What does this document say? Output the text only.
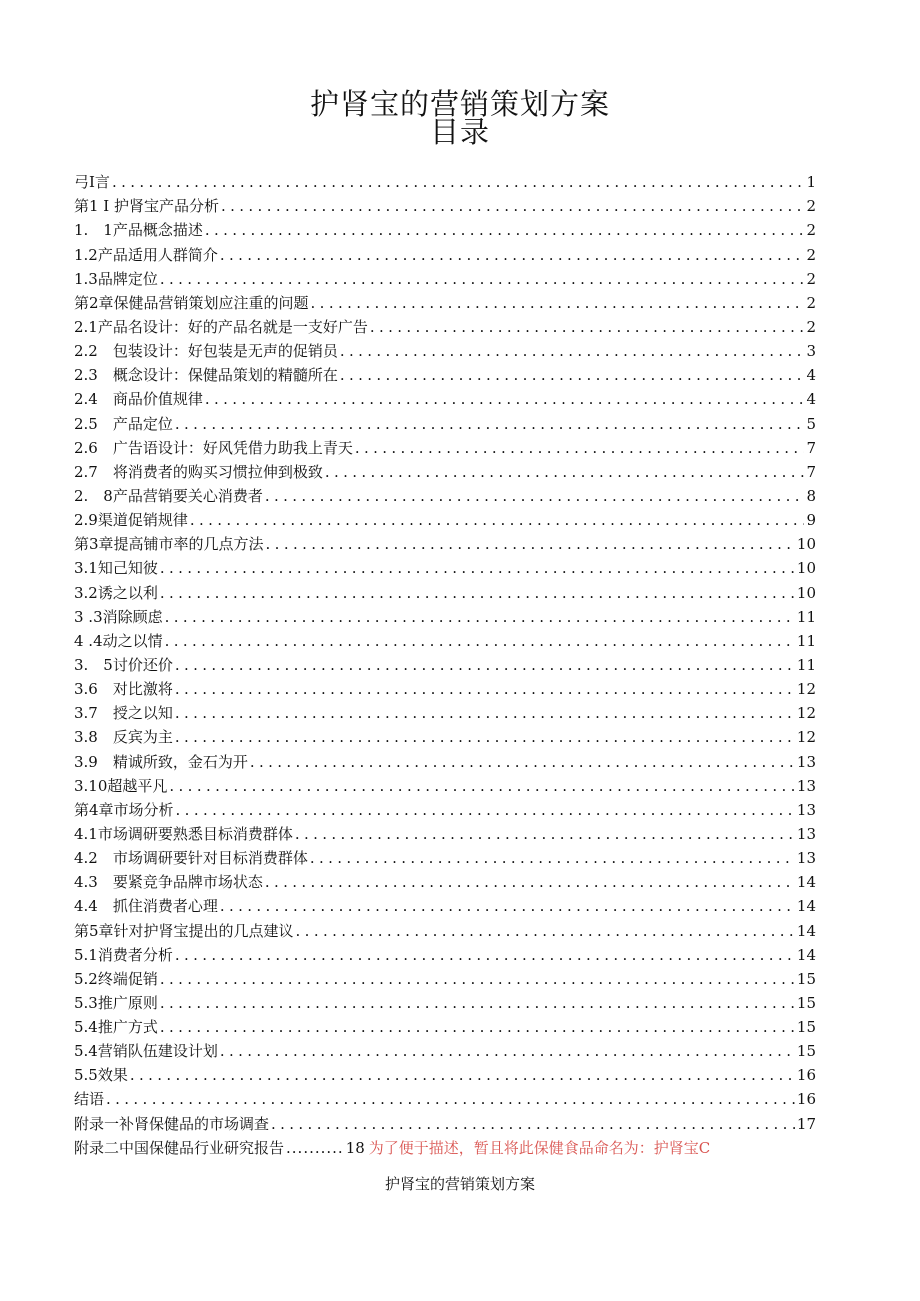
护肾宝的营销策划方案
目录
弓I言 . . .	1
第1 I 护肾宝产品分析 . . .	2
1.　1产品概念描述 . . .	2
1.2产品适用人群简介 . . .	2
1.3品牌定位 . . .	2
第2章保健品营销策划应注重的问题 . . .	2
2.1产品名设计：好的产品名就是一支好广告 . . .	2
2.2　包装设计：好包装是无声的促销员 . . .	3
2.3　概念设计：保健品策划的精髓所在 . . .	4
2.4　商品价值规律 . . .	4
2.5　产品定位 . . .	5
2.6　广告语设计：好风凭借力助我上青天 . . .	7
2.7　将消费者的购买习惯拉伸到极致 . . .	7
2.　8产品营销要关心消费者 . . .	8
2.9渠道促销规律 . . .	9
第3章提高铺市率的几点方法 . . .	10
3.1知己知彼 . . .	10
3.2诱之以利 . . .	10
3 .3消除顾虑 . . .	11
4 .4动之以情 . . .	11
3.　5讨价还价 . . .	11
3.6　对比激将 . . .	12
3.7　授之以知 . . .	12
3.8　反宾为主 . . .	12
3.9　精诚所致，金石为开 . . .	13
3.10超越平凡 . . .	13
第4章市场分析 . . .	13
4.1市场调研要熟悉目标消费群体 . . .	13
4.2　市场调研要针对目标消费群体 . . .	13
4.3　要紧竞争品牌市场状态 . . .	14
4.4　抓住消费者心理 . . .	14
第5章针对护肾宝提出的几点建议 . . .	14
5.1消费者分析 . . .	14
5.2终端促销 . . .	15
5.3推广原则 . . .	15
5.4推广方式 . . .	15
5.4营销队伍建设计划 . . .	15
5.5效果 . . .	16
结语 . . .	16
附录一补肾保健品的市场调查 . . .	17
附录二中国保健品行业研究报告 .......... 18 为了便于描述，暂且将此保健食品命名为：护肾宝C
护肾宝的营销策划方案
